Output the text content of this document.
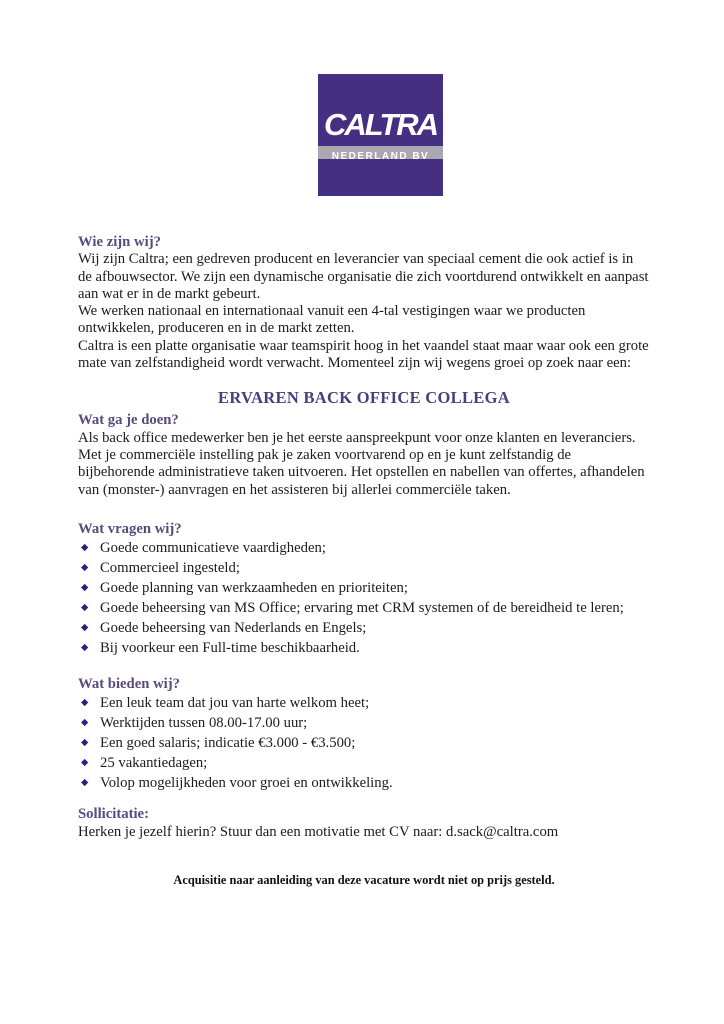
CALTRA
NEDERLAND BV

Wie zijn wij?

Wij zijn Caltra; een gedreven producent en leverancier van speciaal cement die ook actief is in de afbouwsector. We zijn een dynamische organisatie die zich voortdurend ontwikkelt en aanpast aan wat er in de markt gebeurt.

We werken nationaal en internationaal vanuit een 4-tal vestigingen waar we producten ontwikkelen, produceren en in de markt zetten.

Caltra is een platte organisatie waar teamspirit hoog in het vaandel staat maar waar ook een grote mate van zelfstandigheid wordt verwacht. Momenteel zijn wij wegens groei op zoek naar een:

ERVAREN BACK OFFICE COLLEGA

Wat ga je doen?

Als back office medewerker ben je het eerste aanspreekpunt voor onze klanten en leveranciers. Met je commerciële instelling pak je zaken voortvarend op en je kunt zelfstandig de bijbehorende administratieve taken uitvoeren. Het opstellen en nabellen van offertes, afhandelen van (monster-) aanvragen en het assisteren bij allerlei commerciële taken.

Wat vragen wij?

◆ Goede communicatieve vaardigheden;
◆ Commercieel ingesteld;
◆ Goede planning van werkzaamheden en prioriteiten;
◆ Goede beheersing van MS Office; ervaring met CRM systemen of de bereidheid te leren;
◆ Goede beheersing van Nederlands en Engels;
◆ Bij voorkeur een Full-time beschikbaarheid.

Wat bieden wij?

◆ Een leuk team dat jou van harte welkom heet;
◆ Werktijden tussen 08.00-17.00 uur;
◆ Een goed salaris; indicatie €3.000 - €3.500;
◆ 25 vakantiedagen;
◆ Volop mogelijkheden voor groei en ontwikkeling.

Sollicitatie:

Herken je jezelf hierin? Stuur dan een motivatie met CV naar: d.sack@caltra.com

Acquisitie naar aanleiding van deze vacature wordt niet op prijs gesteld.
